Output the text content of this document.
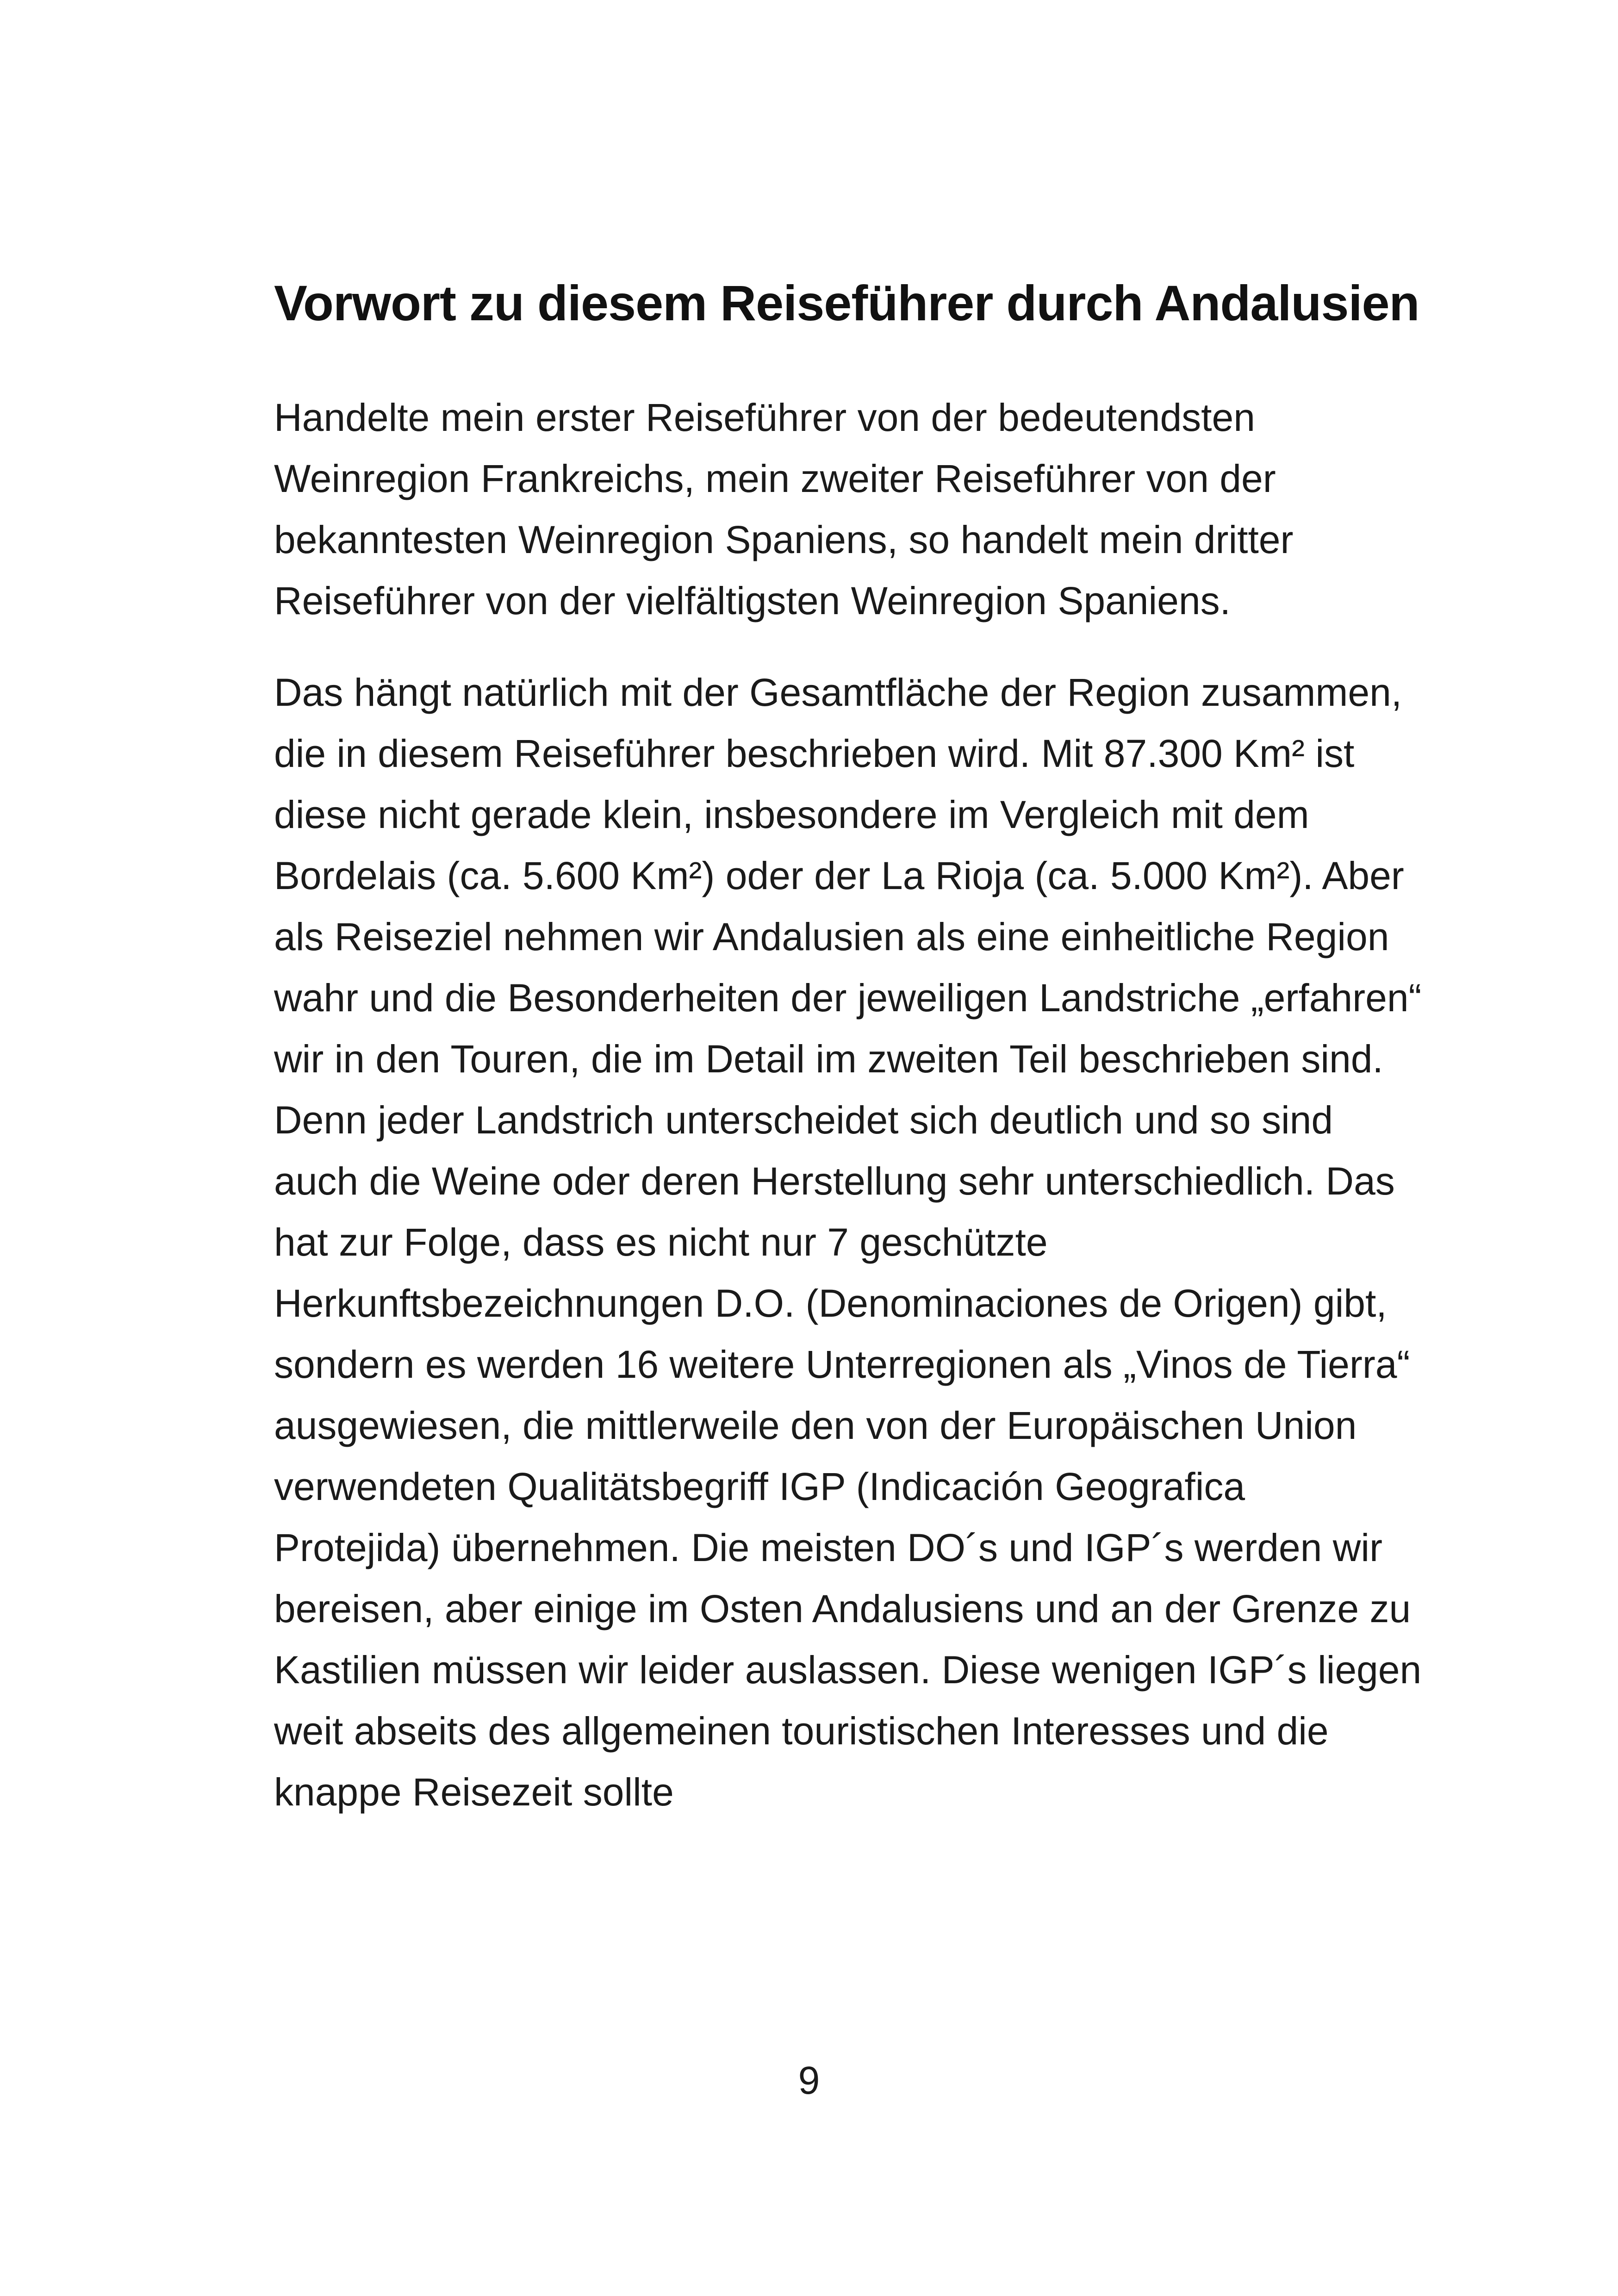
Vorwort zu diesem Reiseführer durch Andalusien

Handelte mein erster Reiseführer von der bedeutendsten Weinregion Frankreichs, mein zweiter Reiseführer von der bekanntesten Weinregion Spaniens, so handelt mein dritter Reiseführer von der vielfältigsten Weinregion Spaniens.

Das hängt natürlich mit der Gesamtfläche der Region zusammen, die in diesem Reiseführer beschrieben wird. Mit 87.300 Km² ist diese nicht gerade klein, insbesondere im Vergleich mit dem Bordelais (ca. 5.600 Km²) oder der La Rioja (ca. 5.000 Km²). Aber als Reiseziel nehmen wir Andalusien als eine einheitliche Region wahr und die Besonderheiten der jeweiligen Landstriche „erfahren“ wir in den Touren, die im Detail im zweiten Teil beschrieben sind. Denn jeder Landstrich unterscheidet sich deutlich und so sind auch die Weine oder deren Herstellung sehr unterschiedlich. Das hat zur Folge, dass es nicht nur 7 geschützte Herkunftsbezeichnungen D.O. (Denominaciones de Origen) gibt, sondern es werden 16 weitere Unterregionen als „Vinos de Tierra“ ausgewiesen, die mittlerweile den von der Europäischen Union verwendeten Qualitätsbegriff IGP (Indicación Geografica Protejida) übernehmen. Die meisten DO´s und IGP´s werden wir bereisen, aber einige im Osten Andalusiens und an der Grenze zu Kastilien müssen wir leider auslassen. Diese wenigen IGP´s liegen weit abseits des allgemeinen touristischen Interesses und die knappe Reisezeit sollte

9
